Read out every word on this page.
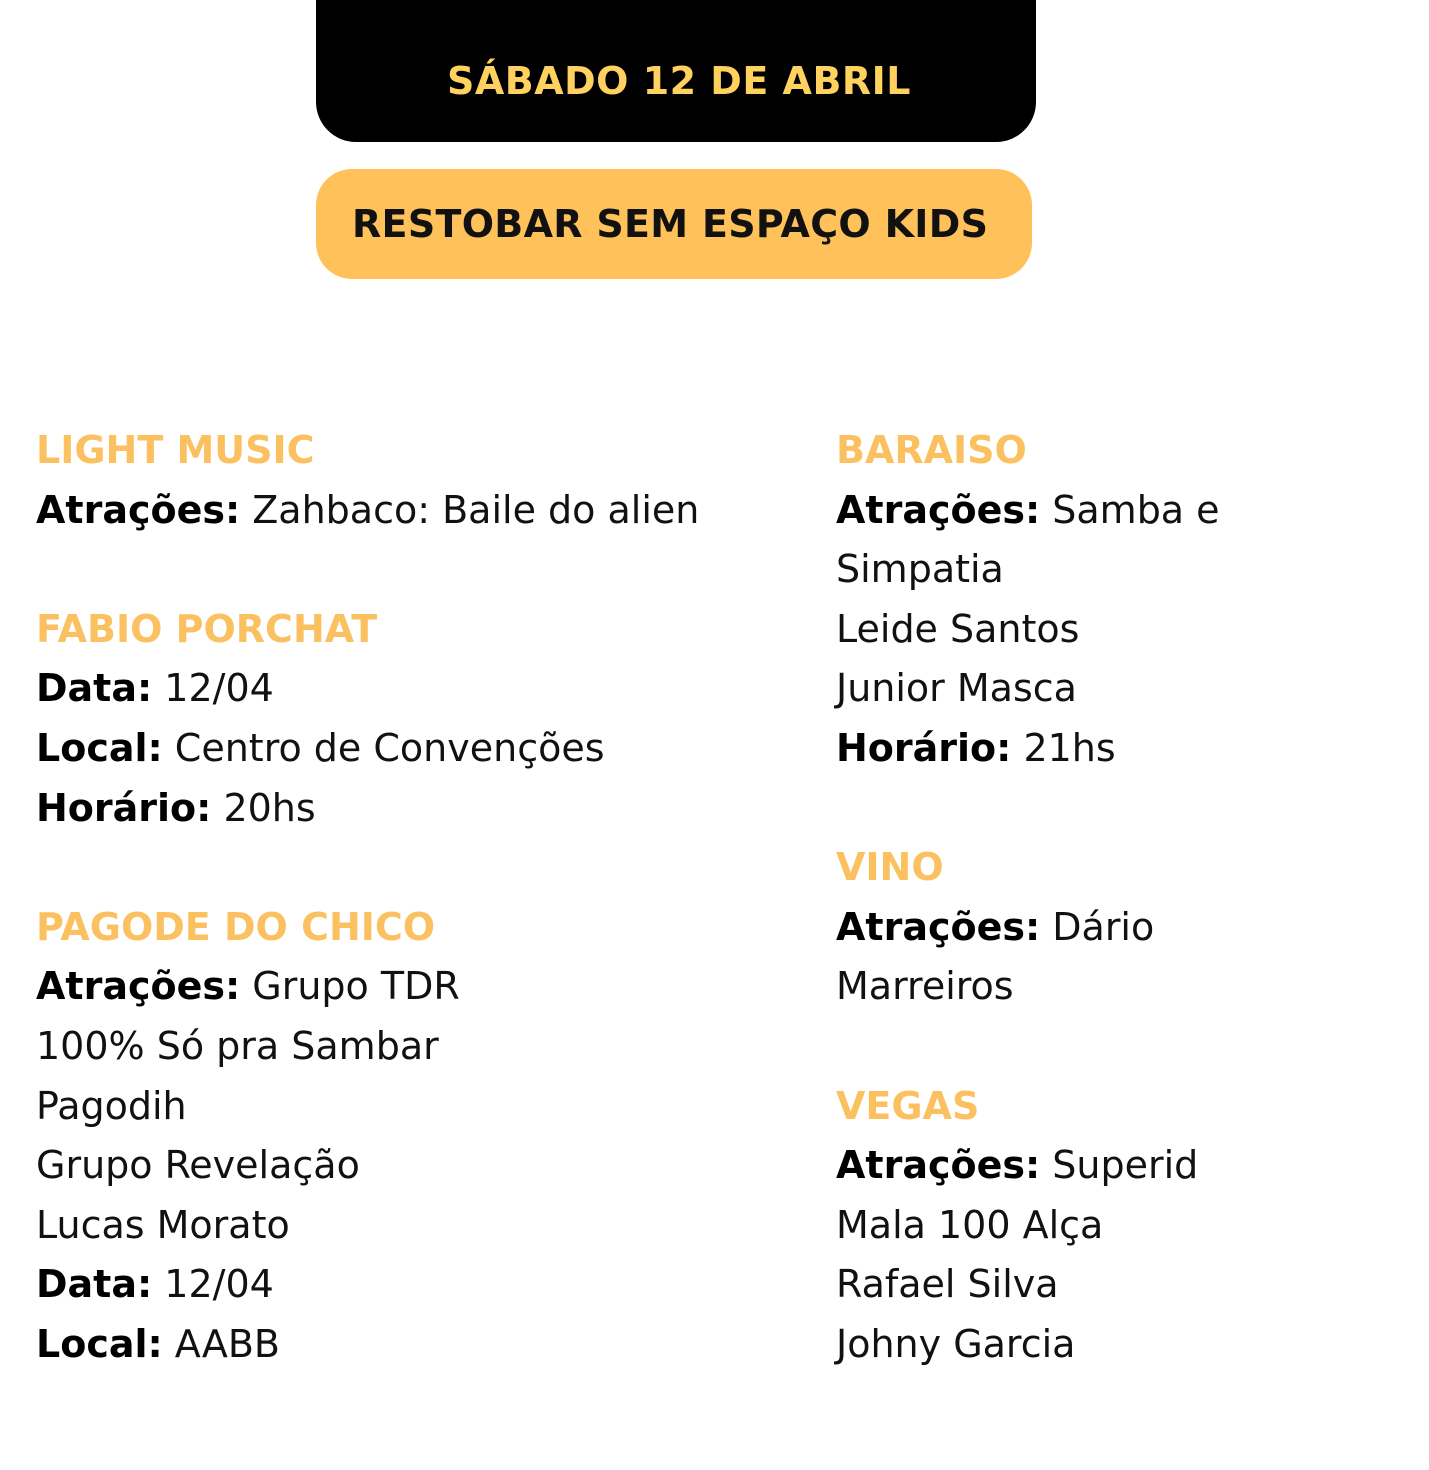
SÁBADO 12 DE ABRIL
RESTOBAR SEM ESPAÇO KIDS
LIGHT MUSIC
Atrações: Zahbaco: Baile do alien
FABIO PORCHAT
Data: 12/04
Local: Centro de Convenções
Horário: 20hs
PAGODE DO CHICO
Atrações: Grupo TDR
100% Só pra Sambar
Pagodih
Grupo Revelação
Lucas Morato
Data: 12/04
Local: AABB
BARAISO
Atrações: Samba e
Simpatia
Leide Santos
Junior Masca
Horário: 21hs
VINO
Atrações: Dário
Marreiros
VEGAS
Atrações: Superid
Mala 100 Alça
Rafael Silva
Johny Garcia
